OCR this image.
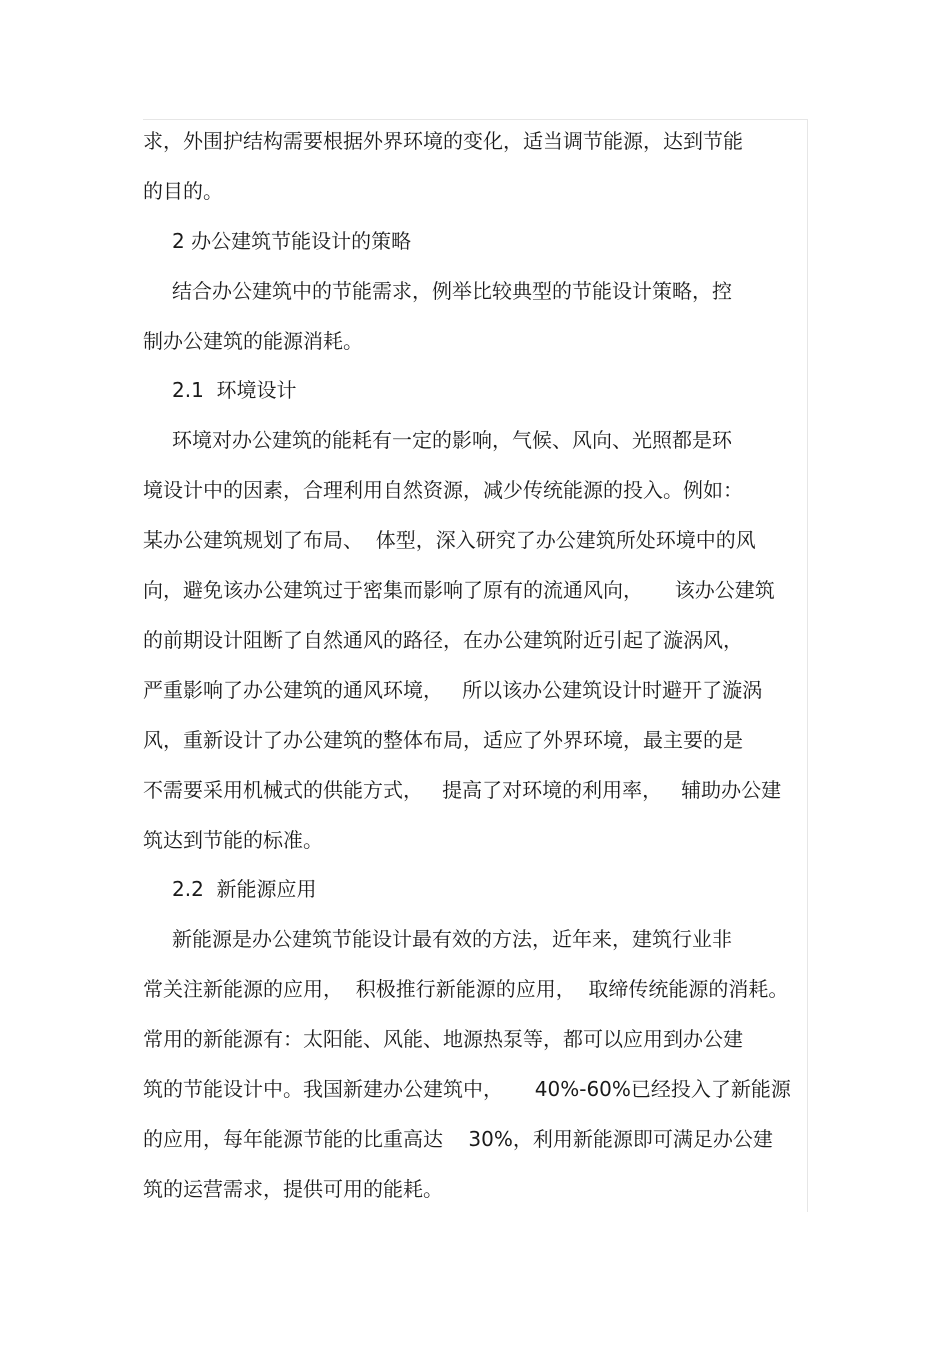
求，外围护结构需要根据外界环境的变化，适当调节能源，达到节能
的目的。
2 办公建筑节能设计的策略
结合办公建筑中的节能需求，例举比较典型的节能设计策略，控
制办公建筑的能源消耗。
2.1  环境设计
环境对办公建筑的能耗有一定的影响，气候、风向、光照都是环
境设计中的因素，合理利用自然资源，减少传统能源的投入。例如：
某办公建筑规划了布局、  体型，深入研究了办公建筑所处环境中的风
向，避免该办公建筑过于密集而影响了原有的流通风向，     该办公建筑
的前期设计阻断了自然通风的路径，在办公建筑附近引起了漩涡风，
严重影响了办公建筑的通风环境，   所以该办公建筑设计时避开了漩涡
风，重新设计了办公建筑的整体布局，适应了外界环境，最主要的是
不需要采用机械式的供能方式，   提高了对环境的利用率，   辅助办公建
筑达到节能的标准。
2.2  新能源应用
新能源是办公建筑节能设计最有效的方法，近年来，建筑行业非
常关注新能源的应用，  积极推行新能源的应用，  取缔传统能源的消耗。
常用的新能源有：太阳能、风能、地源热泵等，都可以应用到办公建
筑的节能设计中。我国新建办公建筑中，     40%-60%已经投入了新能源
的应用，每年能源节能的比重高达    30%，利用新能源即可满足办公建
筑的运营需求，提供可用的能耗。
